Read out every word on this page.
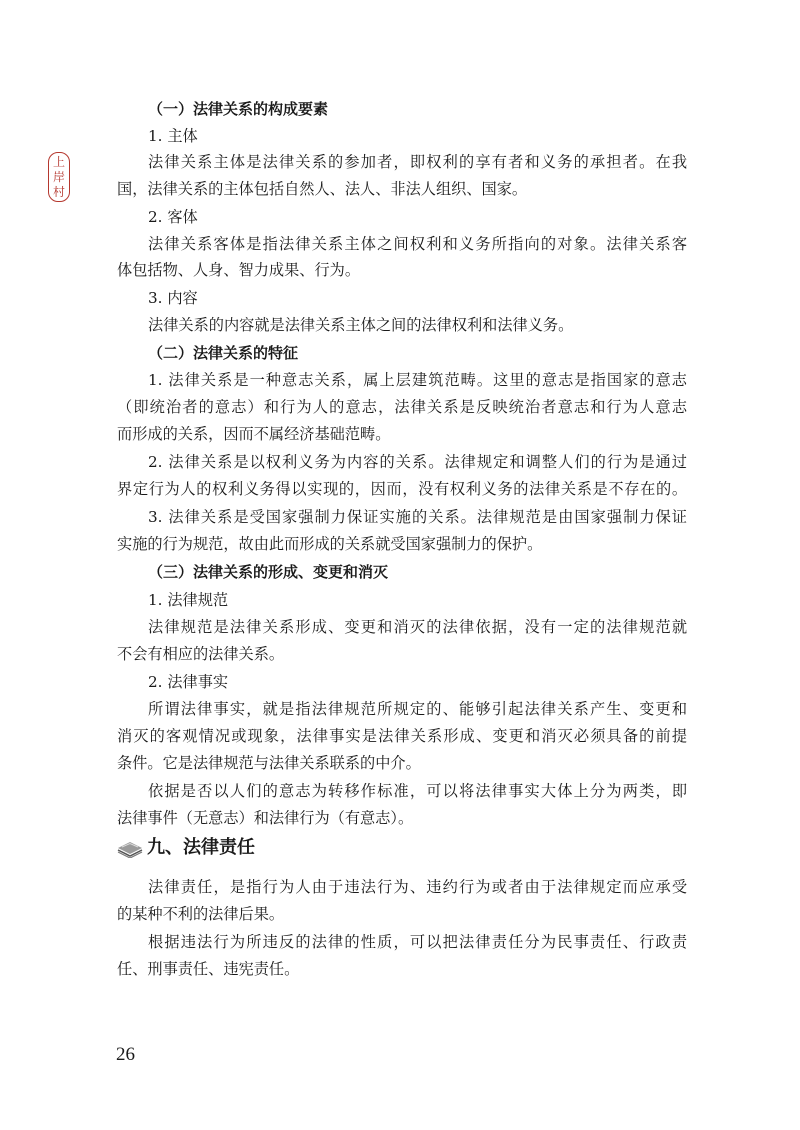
上
岸
村
（一）法律关系的构成要素
1. 主体
法律关系主体是法律关系的参加者，即权利的享有者和义务的承担者。在我
国，法律关系的主体包括自然人、法人、非法人组织、国家。
2. 客体
法律关系客体是指法律关系主体之间权利和义务所指向的对象。法律关系客
体包括物、人身、智力成果、行为。
3. 内容
法律关系的内容就是法律关系主体之间的法律权利和法律义务。
（二）法律关系的特征
1. 法律关系是一种意志关系，属上层建筑范畴。这里的意志是指国家的意志
（即统治者的意志）和行为人的意志，法律关系是反映统治者意志和行为人意志
而形成的关系，因而不属经济基础范畴。
2. 法律关系是以权利义务为内容的关系。法律规定和调整人们的行为是通过
界定行为人的权利义务得以实现的，因而，没有权利义务的法律关系是不存在的。
3. 法律关系是受国家强制力保证实施的关系。法律规范是由国家强制力保证
实施的行为规范，故由此而形成的关系就受国家强制力的保护。
（三）法律关系的形成、变更和消灭
1. 法律规范
法律规范是法律关系形成、变更和消灭的法律依据，没有一定的法律规范就
不会有相应的法律关系。
2. 法律事实
所谓法律事实，就是指法律规范所规定的、能够引起法律关系产生、变更和
消灭的客观情况或现象，法律事实是法律关系形成、变更和消灭必须具备的前提
条件。它是法律规范与法律关系联系的中介。
依据是否以人们的意志为转移作标准，可以将法律事实大体上分为两类，即
法律事件（无意志）和法律行为（有意志）。
九、法律责任
法律责任，是指行为人由于违法行为、违约行为或者由于法律规定而应承受
的某种不利的法律后果。
根据违法行为所违反的法律的性质，可以把法律责任分为民事责任、行政责
任、刑事责任、违宪责任。
26
